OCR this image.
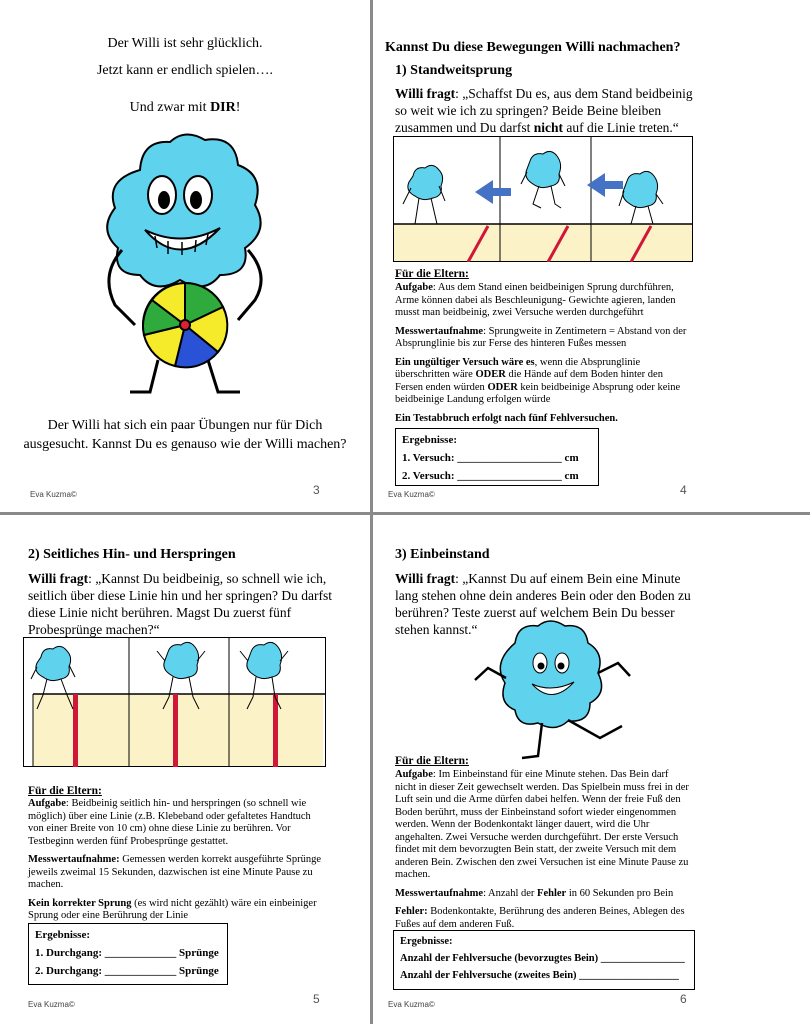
Der Willi ist sehr glücklich.
Jetzt kann er endlich spielen….
Und zwar mit DIR!
Der Willi hat sich ein paar Übungen nur für Dich ausgesucht. Kannst Du es genauso wie der Willi machen?
Eva Kuzma©	3
Kannst Du diese Bewegungen Willi nachmachen?
1) Standweitsprung
Willi fragt: „Schaffst Du es, aus dem Stand beidbeinig so weit wie ich zu springen? Beide Beine bleiben zusammen und Du darfst nicht auf die Linie treten.“
Für die Eltern:

Aufgabe: Aus dem Stand einen beidbeinigen Sprung durchführen, Arme können dabei als Beschleunigung- Gewichte agieren, landen musst man beidbeinig, zwei Versuche werden durchgeführt

Messwertaufnahme: Sprungweite in Zentimetern = Abstand von der Absprunglinie bis zur Ferse des hinteren Fußes messen

Ein ungültiger Versuch wäre es, wenn die Absprunglinie überschritten wäre ODER die Hände auf dem Boden hinter den Fersen enden würden ODER kein beidbeinige Absprung oder keine beidbeinige Landung erfolgen würde

Ein Testabbruch erfolgt nach fünf Fehlversuchen.

Ergebnisse:
1. Versuch: ___________________ cm
2. Versuch: ___________________ cm
Eva Kuzma©	4
2) Seitliches Hin- und Herspringen
Willi fragt: „Kannst Du beidbeinig, so schnell wie ich, seitlich über diese Linie hin und her springen? Du darfst diese Linie nicht berühren. Magst Du zuerst fünf Probesprünge machen?“
Für die Eltern:

Aufgabe: Beidbeinig seitlich hin- und herspringen (so schnell wie möglich) über eine Linie (z.B. Klebeband oder gefaltetes Handtuch von einer Breite von 10 cm) ohne diese Linie zu berühren. Vor Testbeginn werden fünf Probesprünge gestattet.

Messwertaufnahme: Gemessen werden korrekt ausgeführte Sprünge jeweils zweimal 15 Sekunden, dazwischen ist eine Minute Pause zu machen.

Kein korrekter Sprung (es wird nicht gezählt) wäre ein einbeiniger Sprung oder eine Berührung der Linie

Ergebnisse:
1. Durchgang: _____________ Sprünge
2. Durchgang: _____________ Sprünge
Eva Kuzma©	5
3) Einbeinstand
Willi fragt: „Kannst Du auf einem Bein eine Minute lang stehen ohne dein anderes Bein oder den Boden zu berühren? Teste zuerst auf welchem Bein Du besser stehen kannst.“
Für die Eltern:

Aufgabe: Im Einbeinstand für eine Minute stehen. Das Bein darf nicht in dieser Zeit gewechselt werden. Das Spielbein muss frei in der Luft sein und die Arme dürfen dabei helfen. Wenn der freie Fuß den Boden berührt, muss der Einbeinstand sofort wieder eingenommen werden. Wenn der Bodenkontakt länger dauert, wird die Uhr angehalten. Zwei Versuche werden durchgeführt. Der erste Versuch findet mit dem bevorzugten Bein statt, der zweite Versuch mit dem anderen Bein. Zwischen den zwei Versuchen ist eine Minute Pause zu machen.

Messwertaufnahme: Anzahl der Fehler in 60 Sekunden pro Bein

Fehler: Bodenkontakte, Berührung des anderen Beines, Ablegen des Fußes auf dem anderen Fuß.

Ergebnisse:
Anzahl der Fehlversuche (bevorzugtes Bein) ________________
Anzahl der Fehlversuche (zweites Bein) ___________________
Eva Kuzma©	6
